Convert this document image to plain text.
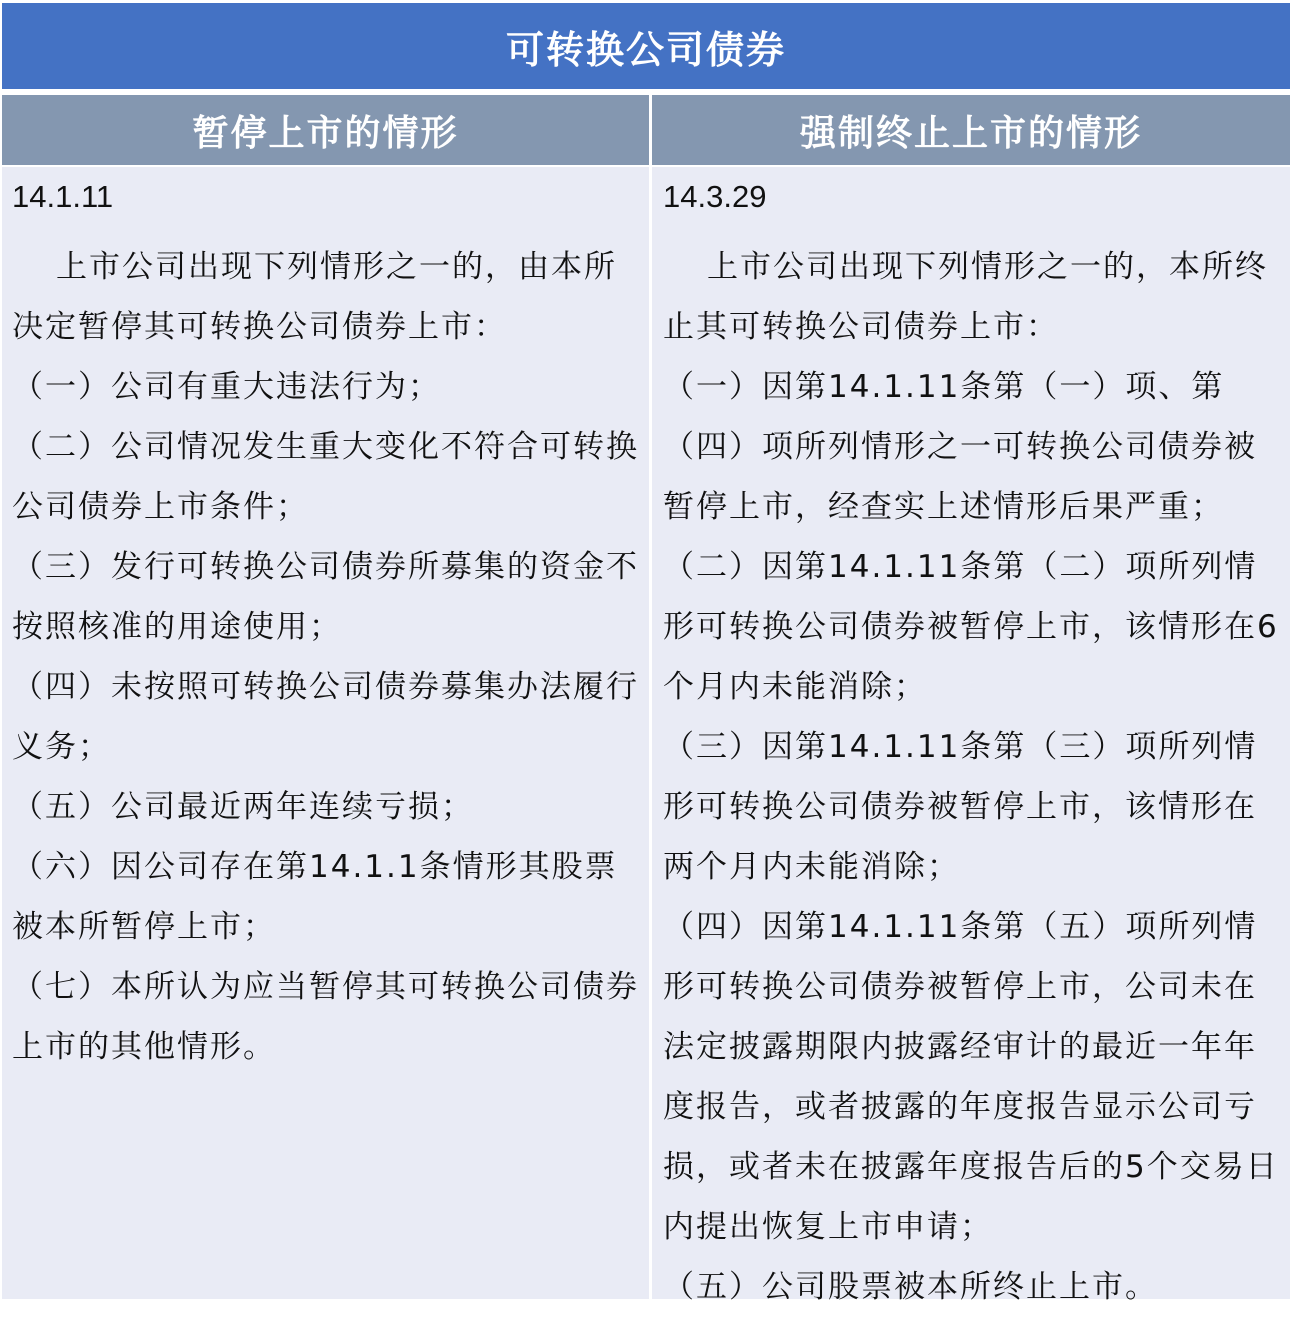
可转换公司债券
暂停上市的情形	强制终止上市的情形
14.1.11

上市公司出现下列情形之一的，由本所决定暂停其可转换公司债券上市：

（一）公司有重大违法行为；

（二）公司情况发生重大变化不符合可转换公司债券上市条件；

（三）发行可转换公司债券所募集的资金不按照核准的用途使用；

（四）未按照可转换公司债券募集办法履行义务；

（五）公司最近两年连续亏损；

（六）因公司存在第14.1.1条情形其股票被本所暂停上市；

（七）本所认为应当暂停其可转换公司债券上市的其他情形。

14.3.29

上市公司出现下列情形之一的，本所终止其可转换公司债券上市：

（一）因第14.1.11条第（一）项、第（四）项所列情形之一可转换公司债券被暂停上市，经查实上述情形后果严重；

（二）因第14.1.11条第（二）项所列情形可转换公司债券被暂停上市，该情形在6个月内未能消除；

（三）因第14.1.11条第（三）项所列情形可转换公司债券被暂停上市，该情形在两个月内未能消除；

（四）因第14.1.11条第（五）项所列情形可转换公司债券被暂停上市，公司未在法定披露期限内披露经审计的最近一年年度报告，或者披露的年度报告显示公司亏损，或者未在披露年度报告后的5个交易日内提出恢复上市申请；

（五）公司股票被本所终止上市。
